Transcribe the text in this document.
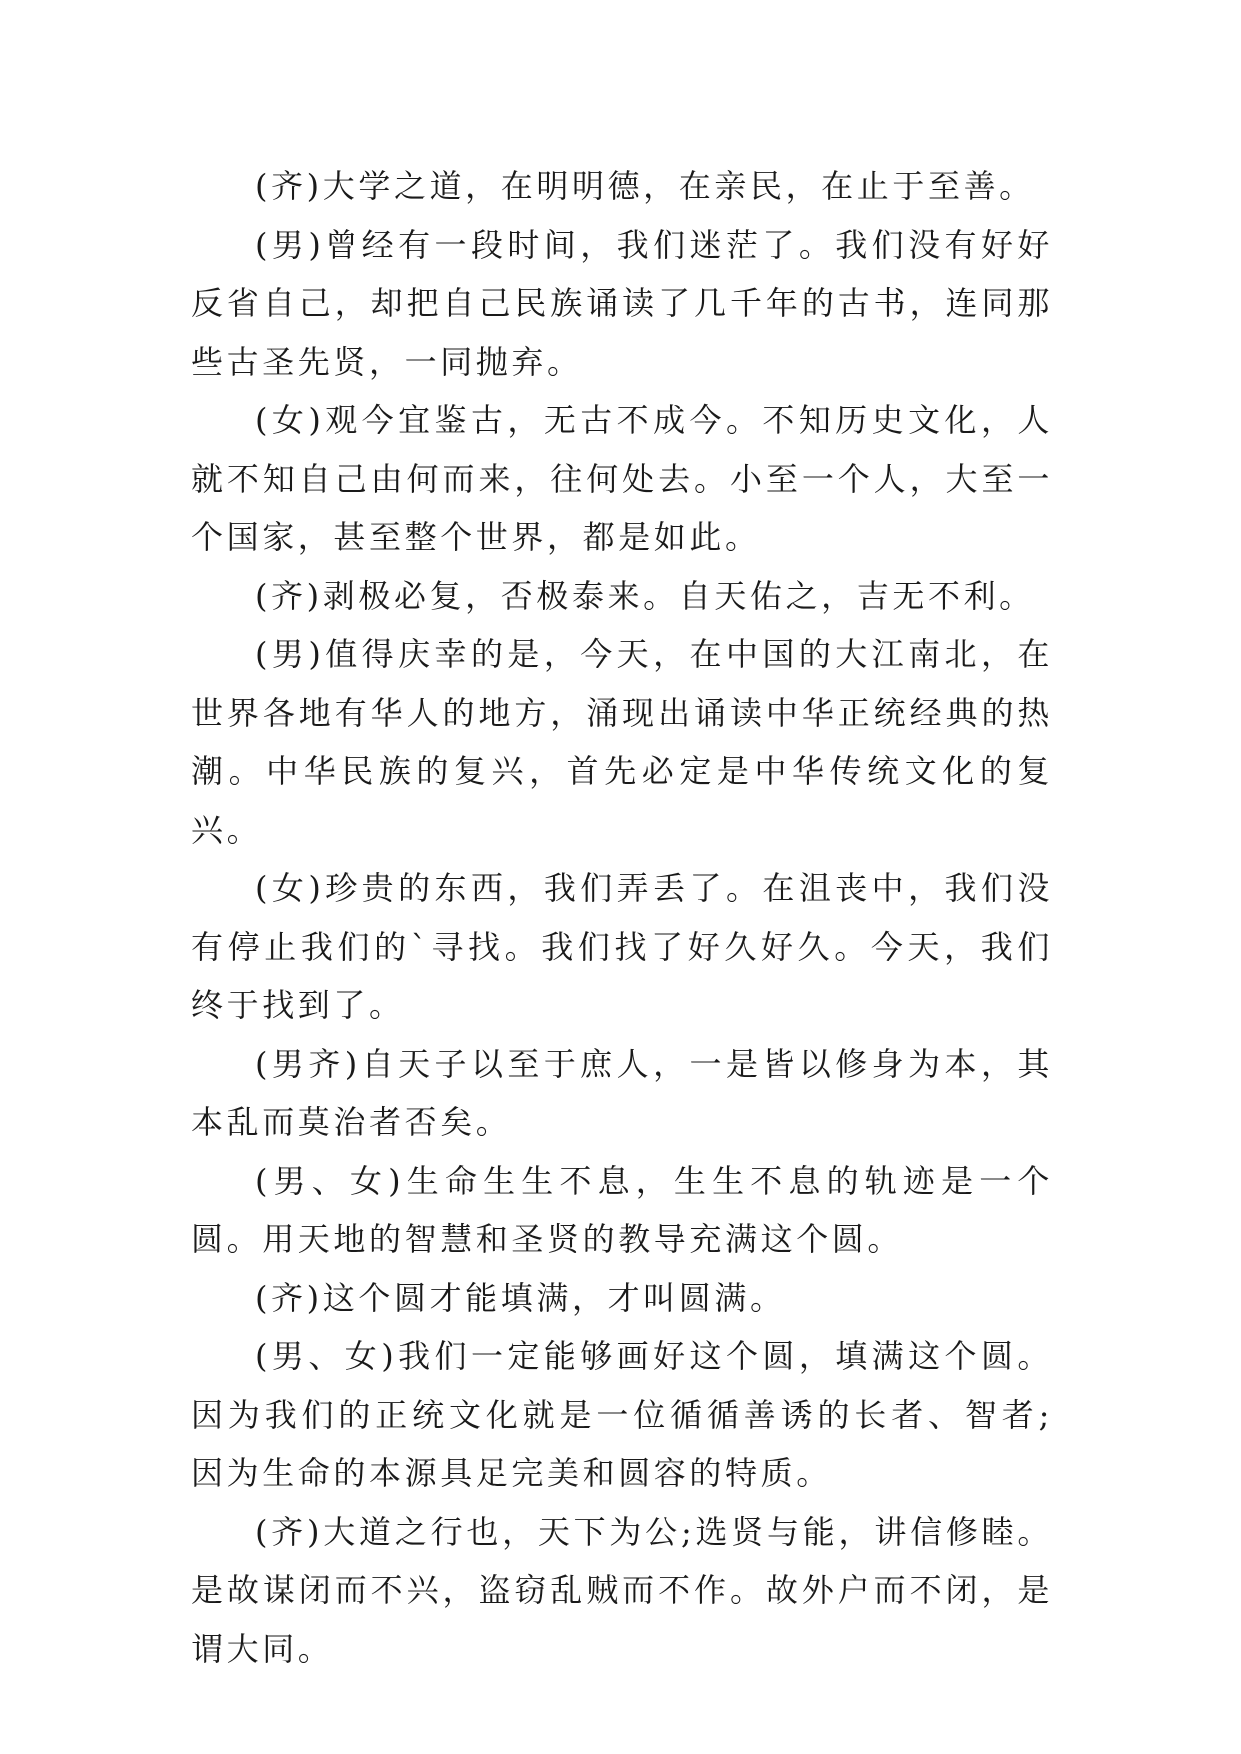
(齐)大学之道，在明明德，在亲民，在止于至善。

(男)曾经有一段时间，我们迷茫了。我们没有好好反省自己，却把自己民族诵读了几千年的古书，连同那些古圣先贤，一同抛弃。

(女)观今宜鉴古，无古不成今。不知历史文化，人就不知自己由何而来，往何处去。小至一个人，大至一个国家，甚至整个世界，都是如此。

(齐)剥极必复，否极泰来。自天佑之，吉无不利。

(男)值得庆幸的是，今天，在中国的大江南北，在世界各地有华人的地方，涌现出诵读中华正统经典的热潮。中华民族的复兴，首先必定是中华传统文化的复兴。

(女)珍贵的东西，我们弄丢了。在沮丧中，我们没有停止我们的`寻找。我们找了好久好久。今天，我们终于找到了。

(男齐)自天子以至于庶人，一是皆以修身为本，其本乱而莫治者否矣。

(男、女)生命生生不息，生生不息的轨迹是一个圆。用天地的智慧和圣贤的教导充满这个圆。

(齐)这个圆才能填满，才叫圆满。

(男、女)我们一定能够画好这个圆，填满这个圆。因为我们的正统文化就是一位循循善诱的长者、智者;因为生命的本源具足完美和圆容的特质。

(齐)大道之行也，天下为公;选贤与能，讲信修睦。是故谋闭而不兴，盗窃乱贼而不作。故外户而不闭，是谓大同。
